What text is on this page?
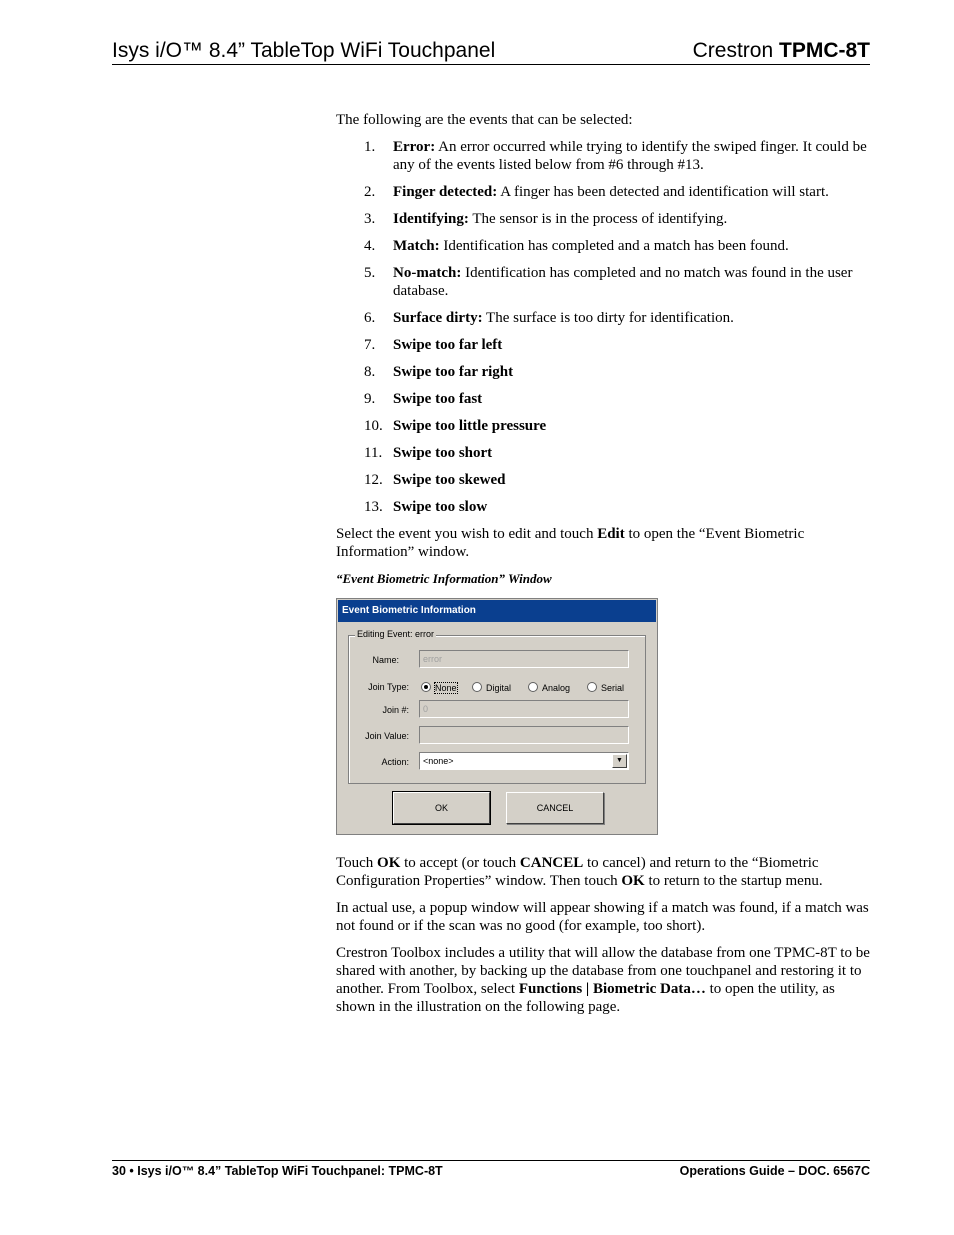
Isys i/O™ 8.4” TableTop WiFi Touchpanel	Crestron TPMC-8T

The following are the events that can be selected:

1. Error: An error occurred while trying to identify the swiped finger. It could be any of the events listed below from #6 through #13.
2. Finger detected: A finger has been detected and identification will start.
3. Identifying: The sensor is in the process of identifying.
4. Match: Identification has completed and a match has been found.
5. No-match: Identification has completed and no match was found in the user database.
6. Surface dirty: The surface is too dirty for identification.
7. Swipe too far left
8. Swipe too far right
9. Swipe too fast
10. Swipe too little pressure
11. Swipe too short
12. Swipe too skewed
13. Swipe too slow

Select the event you wish to edit and touch Edit to open the “Event Biometric Information” window.

“Event Biometric Information” Window

Event Biometric Information
Editing Event: error
Name:	error
Join Type:	None	Digital	Analog	Serial
Join #:	0
Join Value:
Action:	<none>	▼
OK	CANCEL

Touch OK to accept (or touch CANCEL to cancel) and return to the “Biometric Configuration Properties” window. Then touch OK to return to the startup menu.

In actual use, a popup window will appear showing if a match was found, if a match was not found or if the scan was no good (for example, too short).

Crestron Toolbox includes a utility that will allow the database from one TPMC-8T to be shared with another, by backing up the database from one touchpanel and restoring it to another. From Toolbox, select Functions | Biometric Data… to open the utility, as shown in the illustration on the following page.

30 • Isys i/O™ 8.4” TableTop WiFi Touchpanel: TPMC-8T	Operations Guide – DOC. 6567C
